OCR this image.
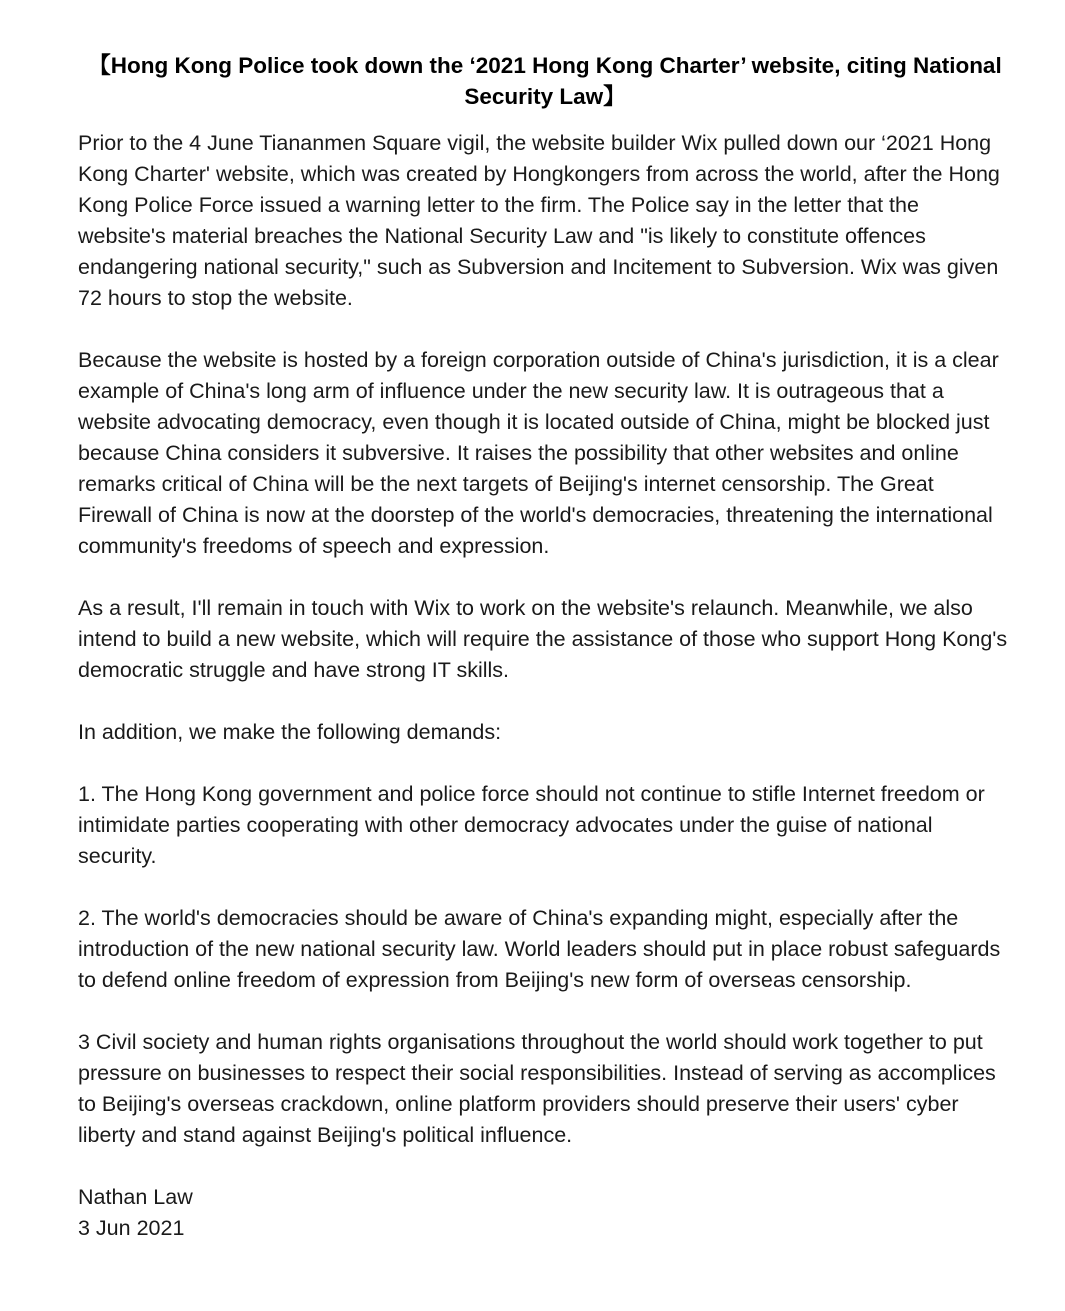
【Hong Kong Police took down the ‘2021 Hong Kong Charter’ website, citing National Security Law】

Prior to the 4 June Tiananmen Square vigil, the website builder Wix pulled down our ‘2021 Hong Kong Charter' website, which was created by Hongkongers from across the world, after the Hong Kong Police Force issued a warning letter to the firm. The Police say in the letter that the website's material breaches the National Security Law and "is likely to constitute offences endangering national security," such as Subversion and Incitement to Subversion. Wix was given 72 hours to stop the website.

Because the website is hosted by a foreign corporation outside of China's jurisdiction, it is a clear example of China's long arm of influence under the new security law. It is outrageous that a website advocating democracy, even though it is located outside of China, might be blocked just because China considers it subversive. It raises the possibility that other websites and online remarks critical of China will be the next targets of Beijing's internet censorship. The Great Firewall of China is now at the doorstep of the world's democracies, threatening the international community's freedoms of speech and expression.

As a result, I'll remain in touch with Wix to work on the website's relaunch. Meanwhile, we also intend to build a new website, which will require the assistance of those who support Hong Kong's democratic struggle and have strong IT skills.

In addition, we make the following demands:

1. The Hong Kong government and police force should not continue to stifle Internet freedom or intimidate parties cooperating with other democracy advocates under the guise of national security.

2. The world's democracies should be aware of China's expanding might, especially after the introduction of the new national security law. World leaders should put in place robust safeguards to defend online freedom of expression from Beijing's new form of overseas censorship.

3 Civil society and human rights organisations throughout the world should work together to put pressure on businesses to respect their social responsibilities. Instead of serving as accomplices to Beijing's overseas crackdown, online platform providers should preserve their users' cyber liberty and stand against Beijing's political influence.

Nathan Law
3 Jun 2021
